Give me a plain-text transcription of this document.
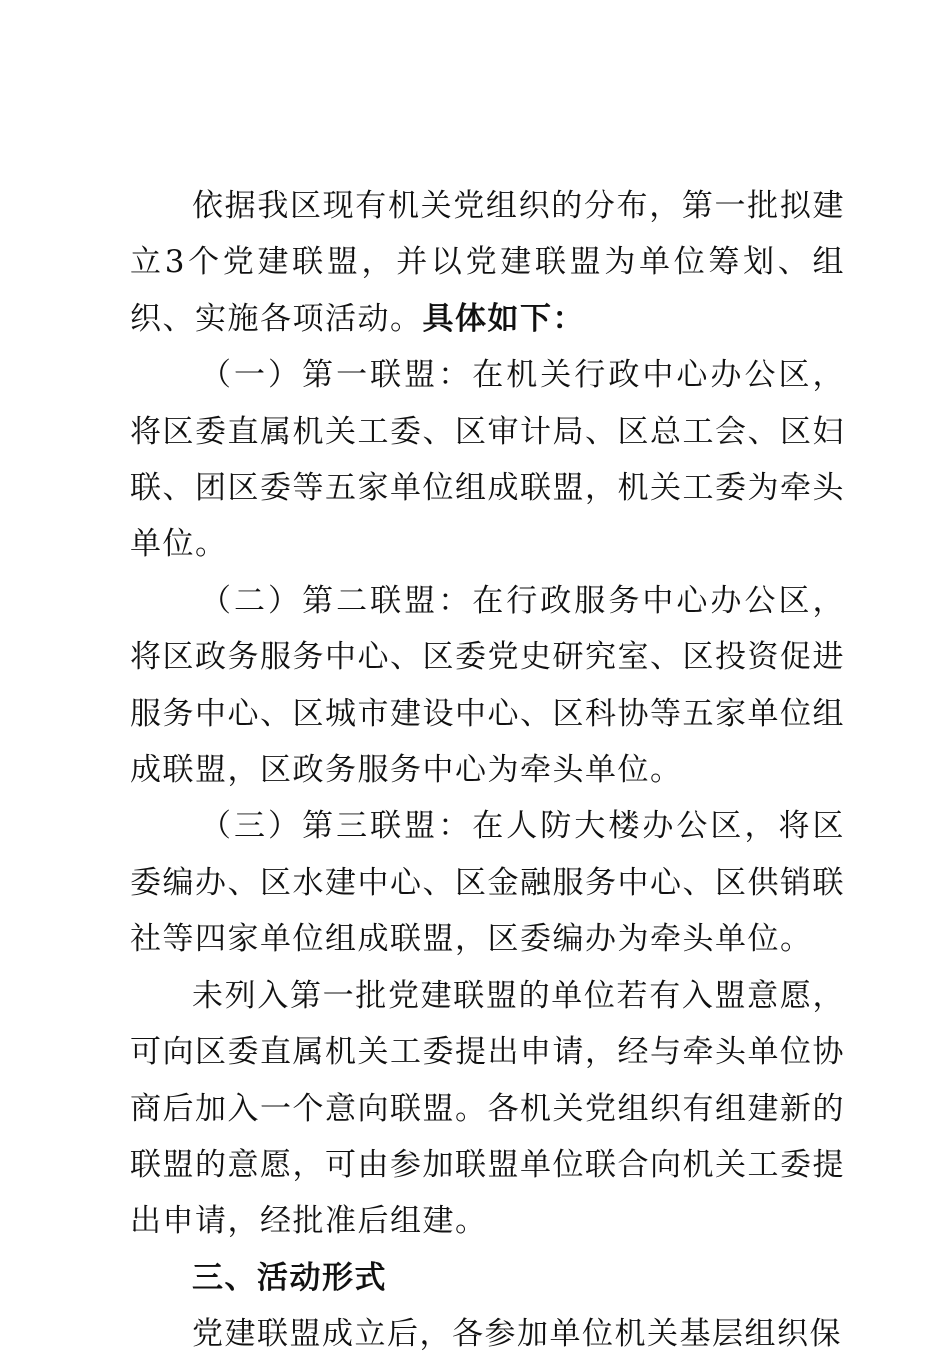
依据我区现有机关党组织的分布，第一批拟建立3个党建联盟，并以党建联盟为单位筹划、组织、实施各项活动。具体如下：

（一）第一联盟：在机关行政中心办公区，将区委直属机关工委、区审计局、区总工会、区妇联、团区委等五家单位组成联盟，机关工委为牵头单位。

（二）第二联盟：在行政服务中心办公区，将区政务服务中心、区委党史研究室、区投资促进服务中心、区城市建设中心、区科协等五家单位组成联盟，区政务服务中心为牵头单位。

（三）第三联盟：在人防大楼办公区，将区委编办、区水建中心、区金融服务中心、区供销联社等四家单位组成联盟，区委编办为牵头单位。

未列入第一批党建联盟的单位若有入盟意愿，可向区委直属机关工委提出申请，经与牵头单位协商后加入一个意向联盟。各机关党组织有组建新的联盟的意愿，可由参加联盟单位联合向机关工委提出申请，经批准后组建。

三、活动形式

党建联盟成立后，各参加单位机关基层组织保
